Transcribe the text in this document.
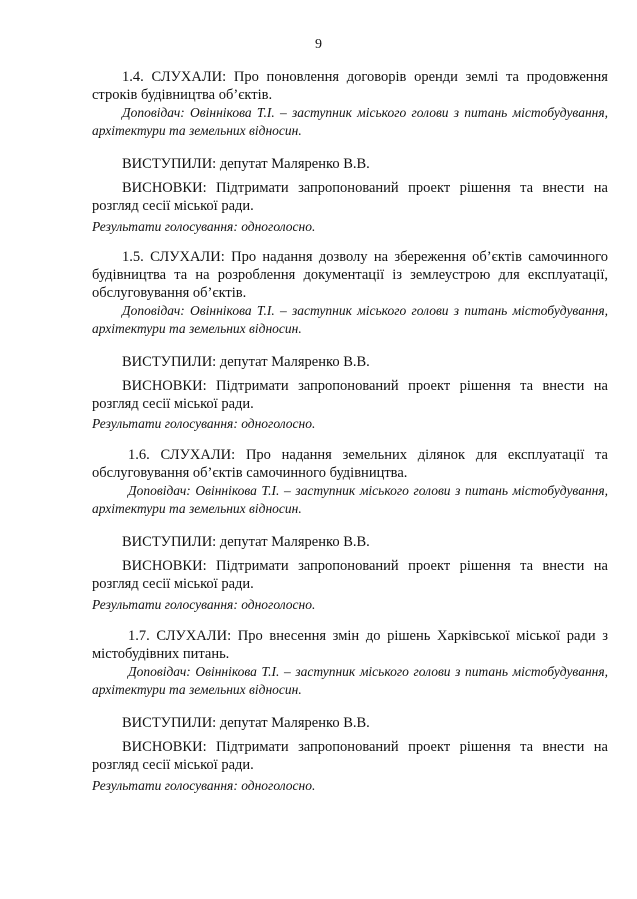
9

1.4. СЛУХАЛИ: Про поновлення договорів оренди землі та продовження строків будівництва об’єктів.

Доповідач: Овіннікова Т.І. – заступник міського голови з питань містобудування, архітектури та земельних відносин.

ВИСТУПИЛИ: депутат Маляренко В.В.

ВИСНОВКИ: Підтримати запропонований проект рішення та внести на розгляд сесії міської ради.

Результати голосування: одноголосно.

1.5. СЛУХАЛИ: Про надання дозволу на збереження об’єктів самочинного будівництва та на розроблення документації із землеустрою для експлуатації, обслуговування об’єктів.

Доповідач: Овіннікова Т.І. – заступник міського голови з питань містобудування, архітектури та земельних відносин.

ВИСТУПИЛИ: депутат Маляренко В.В.

ВИСНОВКИ: Підтримати запропонований проект рішення та внести на розгляд сесії міської ради.

Результати голосування: одноголосно.

1.6. СЛУХАЛИ: Про надання земельних ділянок для експлуатації та обслуговування об’єктів самочинного будівництва.

Доповідач: Овіннікова Т.І. – заступник міського голови з питань містобудування, архітектури та земельних відносин.

ВИСТУПИЛИ: депутат Маляренко В.В.

ВИСНОВКИ: Підтримати запропонований проект рішення та внести на розгляд сесії міської ради.

Результати голосування: одноголосно.

1.7. СЛУХАЛИ: Про внесення змін до рішень Харківської міської ради з містобудівних питань.

Доповідач: Овіннікова Т.І. – заступник міського голови з питань містобудування, архітектури та земельних відносин.

ВИСТУПИЛИ: депутат Маляренко В.В.

ВИСНОВКИ: Підтримати запропонований проект рішення та внести на розгляд сесії міської ради.

Результати голосування: одноголосно.
